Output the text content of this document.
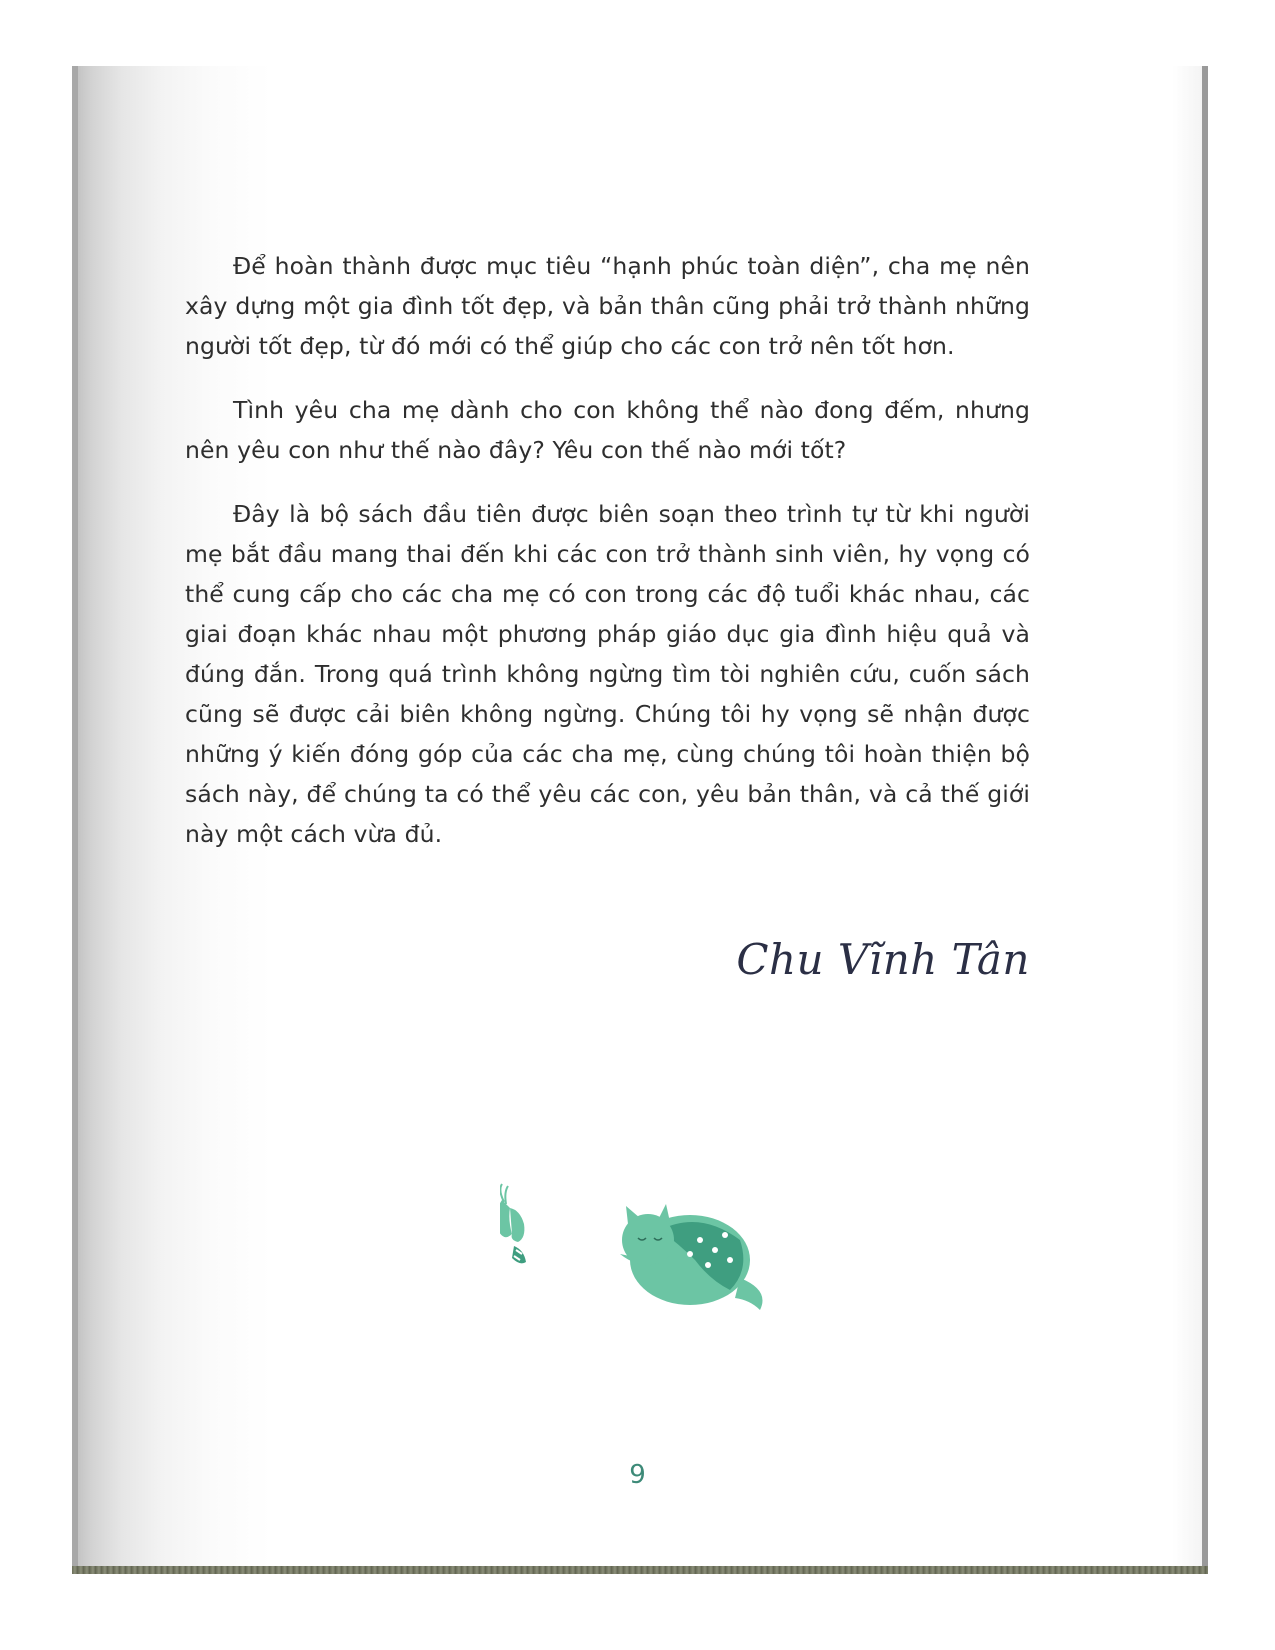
Để hoàn thành được mục tiêu “hạnh phúc toàn diện”, cha mẹ nên xây dựng một gia đình tốt đẹp, và bản thân cũng phải trở thành những người tốt đẹp, từ đó mới có thể giúp cho các con trở nên tốt hơn.

Tình yêu cha mẹ dành cho con không thể nào đong đếm, nhưng nên yêu con như thế nào đây? Yêu con thế nào mới tốt?

Đây là bộ sách đầu tiên được biên soạn theo trình tự từ khi người mẹ bắt đầu mang thai đến khi các con trở thành sinh viên, hy vọng có thể cung cấp cho các cha mẹ có con trong các độ tuổi khác nhau, các giai đoạn khác nhau một phương pháp giáo dục gia đình hiệu quả và đúng đắn. Trong quá trình không ngừng tìm tòi nghiên cứu, cuốn sách cũng sẽ được cải biên không ngừng. Chúng tôi hy vọng sẽ nhận được những ý kiến đóng góp của các cha mẹ, cùng chúng tôi hoàn thiện bộ sách này, để chúng ta có thể yêu các con, yêu bản thân, và cả thế giới này một cách vừa đủ.

Chu Vĩnh Tân
9
